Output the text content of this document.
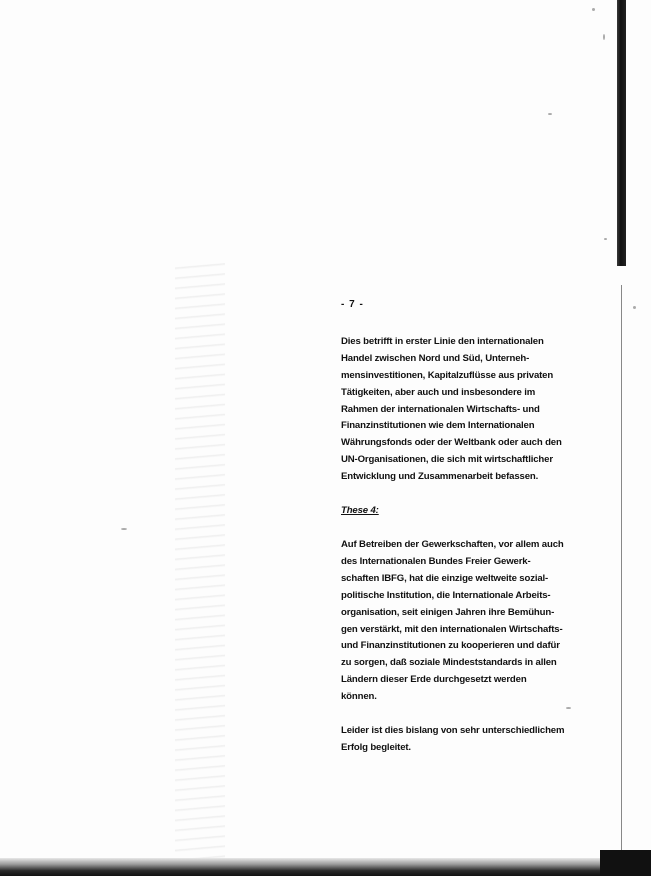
- 7 -

Dies betrifft in erster Linie den internationalen
Handel zwischen Nord und Süd, Unterneh-
mensinvestitionen, Kapitalzuflüsse aus privaten
Tätigkeiten, aber auch und insbesondere im
Rahmen der internationalen Wirtschafts- und
Finanzinstitutionen wie dem Internationalen
Währungsfonds oder der Weltbank oder auch den
UN-Organisationen, die sich mit wirtschaftlicher
Entwicklung und Zusammenarbeit befassen.

These 4:

Auf Betreiben der Gewerkschaften, vor allem auch
des Internationalen Bundes Freier Gewerk-
schaften IBFG, hat die einzige weltweite sozial-
politische Institution, die Internationale Arbeits-
organisation, seit einigen Jahren ihre Bemühun-
gen verstärkt, mit den internationalen Wirtschafts-
und Finanzinstitutionen zu kooperieren und dafür
zu sorgen, daß soziale Mindeststandards in allen
Ländern dieser Erde durchgesetzt werden
können.

Leider ist dies bislang von sehr unterschiedlichem
Erfolg begleitet.
